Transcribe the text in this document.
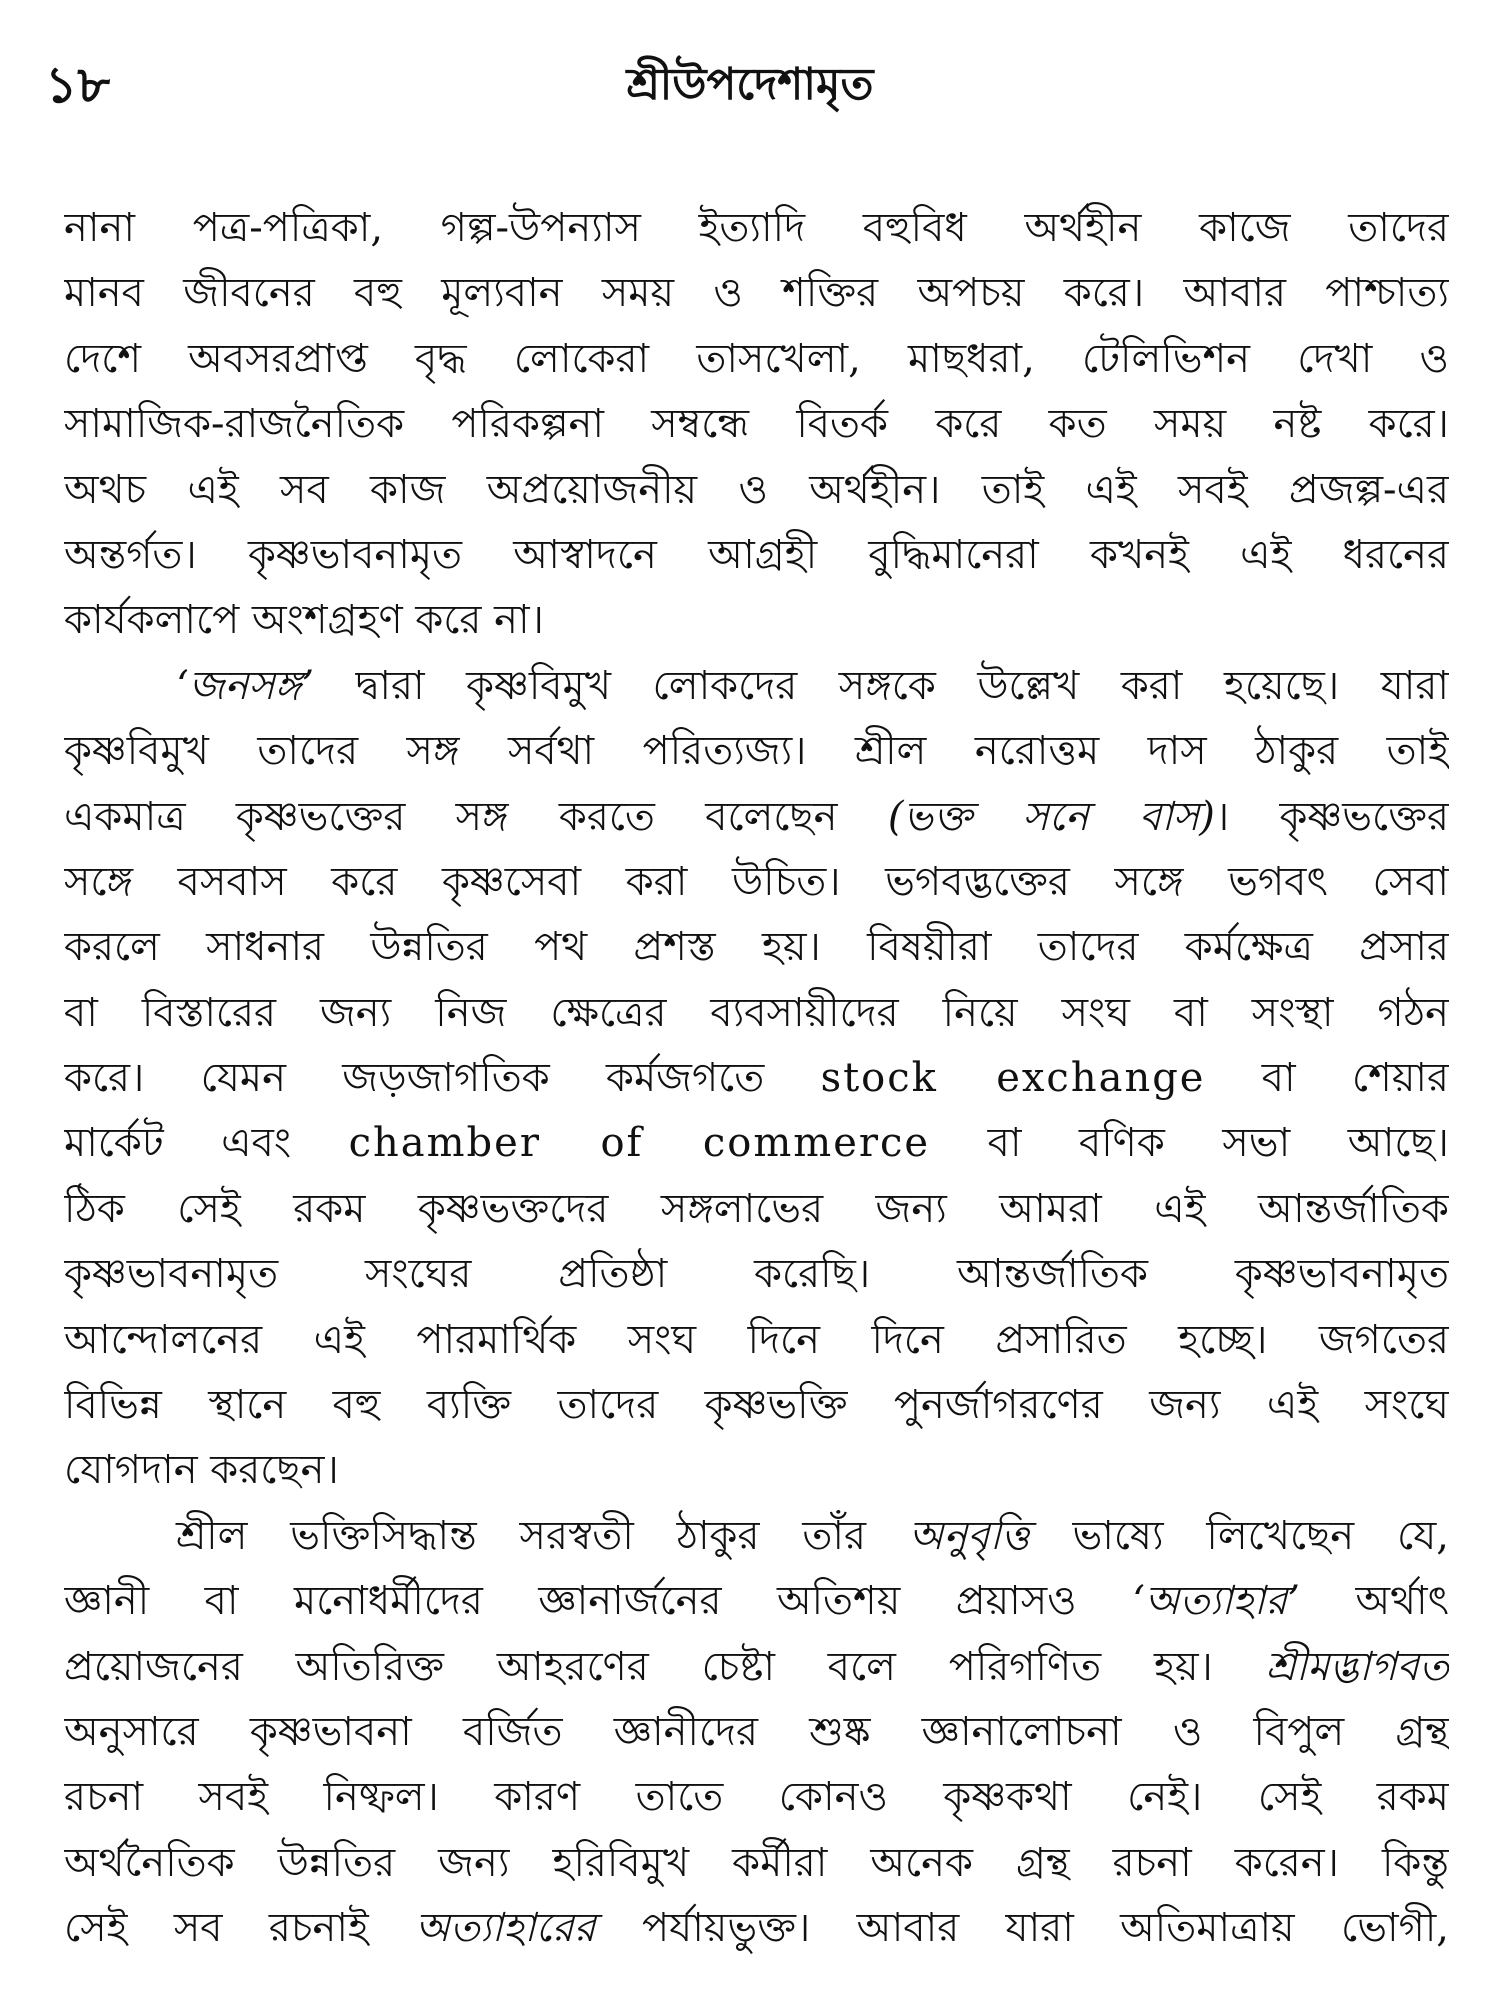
১৮	শ্রীউপদেশামৃত
নানা পত্র-পত্রিকা, গল্প-উপন্যাস ইত্যাদি বহুবিধ অর্থহীন কাজে তাদের
মানব জীবনের বহু মূল্যবান সময় ও শক্তির অপচয় করে। আবার পাশ্চাত্য
দেশে অবসরপ্রাপ্ত বৃদ্ধ লোকেরা তাসখেলা, মাছধরা, টেলিভিশন দেখা ও
সামাজিক-রাজনৈতিক পরিকল্পনা সম্বন্ধে বিতর্ক করে কত সময় নষ্ট করে।
অথচ এই সব কাজ অপ্রয়োজনীয় ও অর্থহীন। তাই এই সবই প্রজল্প-এর
অন্তর্গত। কৃষ্ণভাবনামৃত আস্বাদনে আগ্রহী বুদ্ধিমানেরা কখনই এই ধরনের
কার্যকলাপে অংশগ্রহণ করে না।
‘জনসঙ্গ’ দ্বারা কৃষ্ণবিমুখ লোকদের সঙ্গকে উল্লেখ করা হয়েছে। যারা
কৃষ্ণবিমুখ তাদের সঙ্গ সর্বথা পরিত্যজ্য। শ্রীল নরোত্তম দাস ঠাকুর তাই
একমাত্র কৃষ্ণভক্তের সঙ্গ করতে বলেছেন (ভক্ত সনে বাস)। কৃষ্ণভক্তের
সঙ্গে বসবাস করে কৃষ্ণসেবা করা উচিত। ভগবদ্ভক্তের সঙ্গে ভগবৎ সেবা
করলে সাধনার উন্নতির পথ প্রশস্ত হয়। বিষয়ীরা তাদের কর্মক্ষেত্র প্রসার
বা বিস্তারের জন্য নিজ ক্ষেত্রের ব্যবসায়ীদের নিয়ে সংঘ বা সংস্থা গঠন
করে। যেমন জড়জাগতিক কর্মজগতে stock exchange বা শেয়ার
মার্কেট এবং chamber of commerce বা বণিক সভা আছে।
ঠিক সেই রকম কৃষ্ণভক্তদের সঙ্গলাভের জন্য আমরা এই আন্তর্জাতিক
কৃষ্ণভাবনামৃত সংঘের প্রতিষ্ঠা করেছি। আন্তর্জাতিক কৃষ্ণভাবনামৃত
আন্দোলনের এই পারমার্থিক সংঘ দিনে দিনে প্রসারিত হচ্ছে। জগতের
বিভিন্ন স্থানে বহু ব্যক্তি তাদের কৃষ্ণভক্তি পুনর্জাগরণের জন্য এই সংঘে
যোগদান করছেন।
শ্রীল ভক্তিসিদ্ধান্ত সরস্বতী ঠাকুর তাঁর অনুবৃত্তি ভাষ্যে লিখেছেন যে,
জ্ঞানী বা মনোধর্মীদের জ্ঞানার্জনের অতিশয় প্রয়াসও ‘অত্যাহার’ অর্থাৎ
প্রয়োজনের অতিরিক্ত আহরণের চেষ্টা বলে পরিগণিত হয়। শ্রীমদ্ভাগবত
অনুসারে কৃষ্ণভাবনা বর্জিত জ্ঞানীদের শুষ্ক জ্ঞানালোচনা ও বিপুল গ্রন্থ
রচনা সবই নিষ্ফল। কারণ তাতে কোনও কৃষ্ণকথা নেই। সেই রকম
অর্থনৈতিক উন্নতির জন্য হরিবিমুখ কর্মীরা অনেক গ্রন্থ রচনা করেন। কিন্তু
সেই সব রচনাই অত্যাহারের পর্যায়ভুক্ত। আবার যারা অতিমাত্রায় ভোগী,
